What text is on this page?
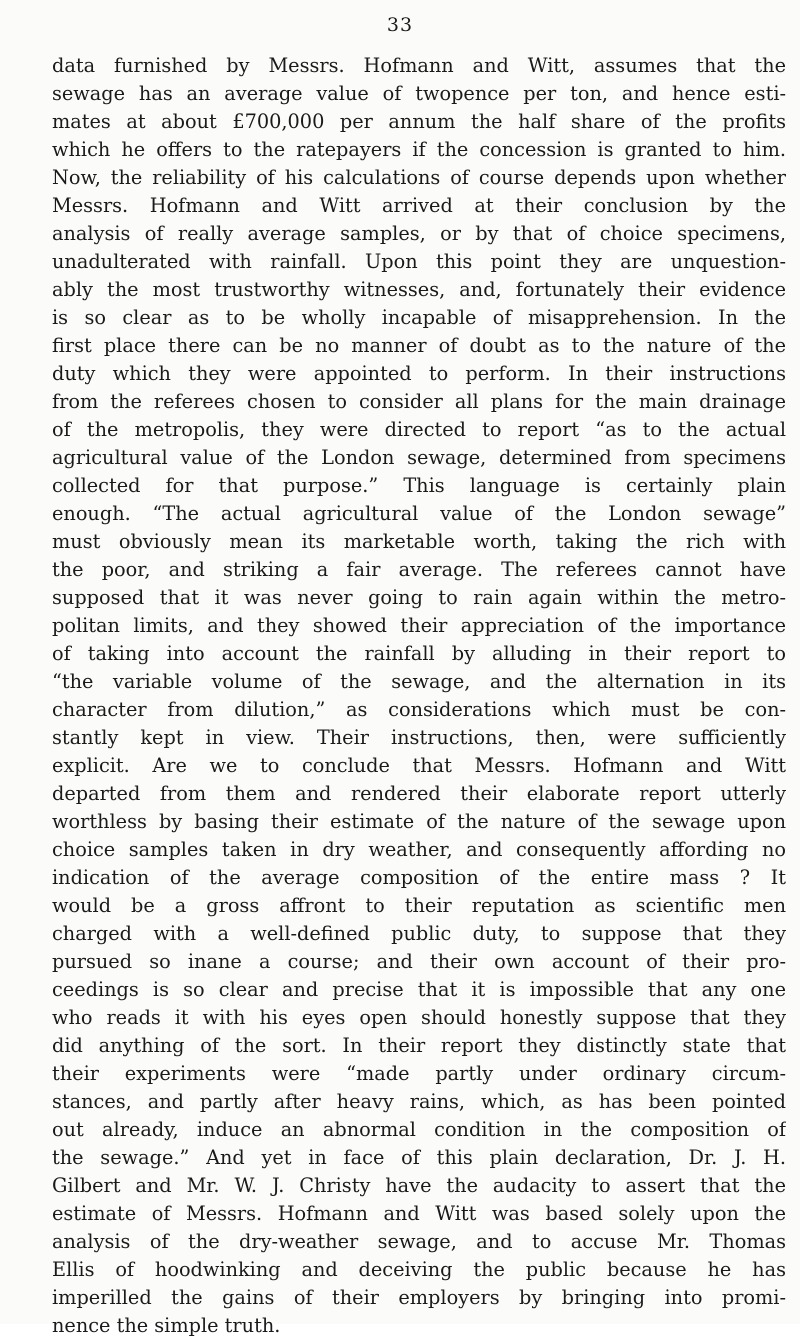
33
data furnished by Messrs. Hofmann and Witt, assumes that the
sewage has an average value of twopence per ton, and hence esti-
mates at about £700,000 per annum the half share of the profits
which he offers to the ratepayers if the concession is granted to him.
Now, the reliability of his calculations of course depends upon whether
Messrs. Hofmann and Witt arrived at their conclusion by the
analysis of really average samples, or by that of choice specimens,
unadulterated with rainfall. Upon this point they are unquestion-
ably the most trustworthy witnesses, and, fortunately their evidence
is so clear as to be wholly incapable of misapprehension. In the
first place there can be no manner of doubt as to the nature of the
duty which they were appointed to perform. In their instructions
from the referees chosen to consider all plans for the main drainage
of the metropolis, they were directed to report “as to the actual
agricultural value of the London sewage, determined from specimens
collected for that purpose.” This language is certainly plain
enough. “The actual agricultural value of the London sewage”
must obviously mean its marketable worth, taking the rich with
the poor, and striking a fair average. The referees cannot have
supposed that it was never going to rain again within the metro-
politan limits, and they showed their appreciation of the importance
of taking into account the rainfall by alluding in their report to
“the variable volume of the sewage, and the alternation in its
character from dilution,” as considerations which must be con-
stantly kept in view. Their instructions, then, were sufficiently
explicit. Are we to conclude that Messrs. Hofmann and Witt
departed from them and rendered their elaborate report utterly
worthless by basing their estimate of the nature of the sewage upon
choice samples taken in dry weather, and consequently affording no
indication of the average composition of the entire mass ? It
would be a gross affront to their reputation as scientific men
charged with a well-defined public duty, to suppose that they
pursued so inane a course; and their own account of their pro-
ceedings is so clear and precise that it is impossible that any one
who reads it with his eyes open should honestly suppose that they
did anything of the sort. In their report they distinctly state that
their experiments were “made partly under ordinary circum-
stances, and partly after heavy rains, which, as has been pointed
out already, induce an abnormal condition in the composition of
the sewage.” And yet in face of this plain declaration, Dr. J. H.
Gilbert and Mr. W. J. Christy have the audacity to assert that the
estimate of Messrs. Hofmann and Witt was based solely upon the
analysis of the dry-weather sewage, and to accuse Mr. Thomas
Ellis of hoodwinking and deceiving the public because he has
imperilled the gains of their employers by bringing into promi-
nence the simple truth.
